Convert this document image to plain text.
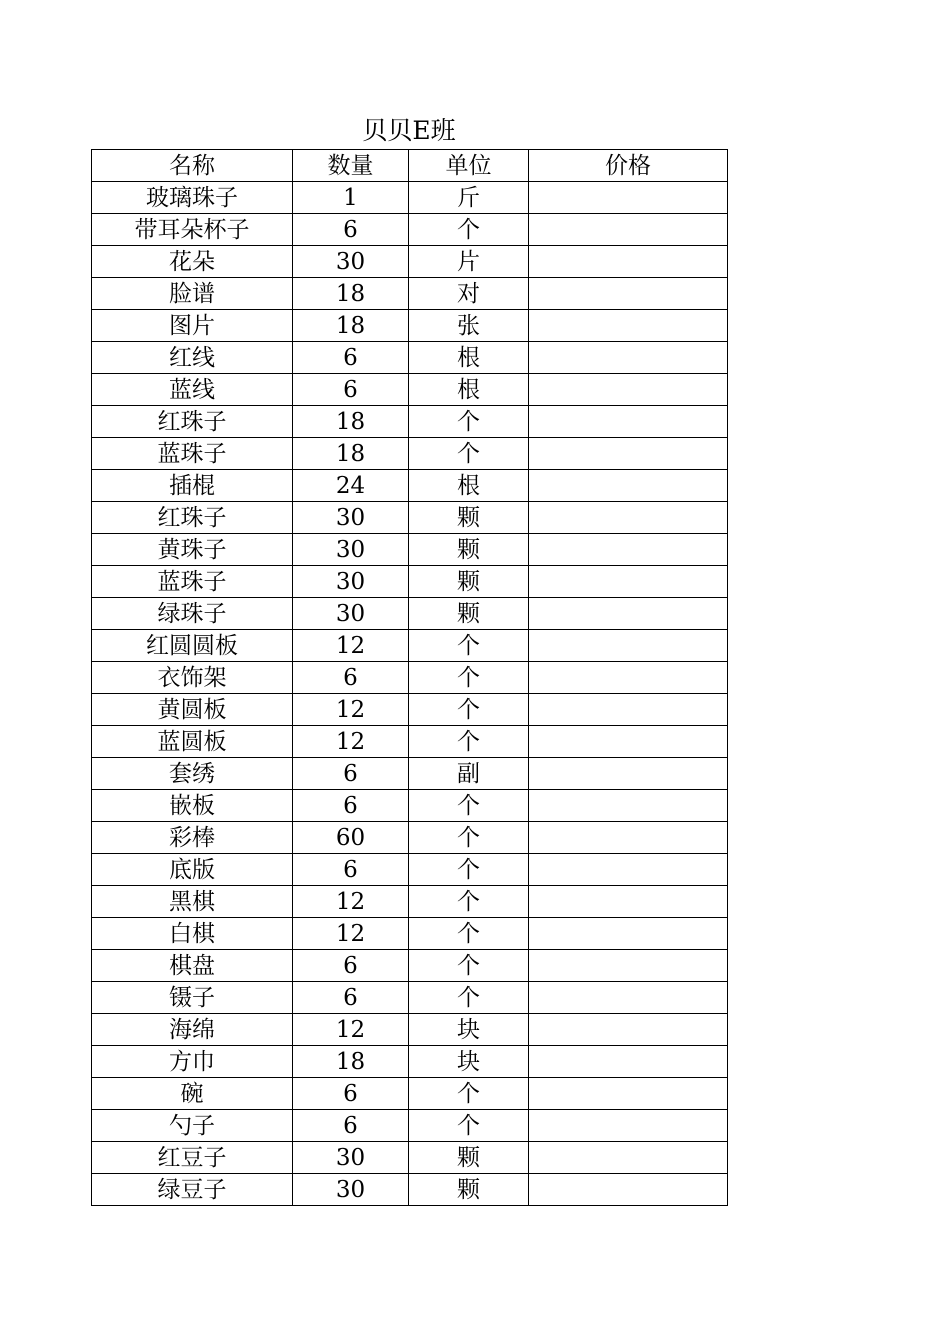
贝贝E班
名称	数量	单位	价格
玻璃珠子	1	斤	
带耳朵杯子	6	个	
花朵	30	片	
脸谱	18	对	
图片	18	张	
红线	6	根	
蓝线	6	根	
红珠子	18	个	
蓝珠子	18	个	
插棍	24	根	
红珠子	30	颗	
黄珠子	30	颗	
蓝珠子	30	颗	
绿珠子	30	颗	
红圆圆板	12	个	
衣饰架	6	个	
黄圆板	12	个	
蓝圆板	12	个	
套绣	6	副	
嵌板	6	个	
彩棒	60	个	
底版	6	个	
黑棋	12	个	
白棋	12	个	
棋盘	6	个	
镊子	6	个	
海绵	12	块	
方巾	18	块	
碗	6	个	
勺子	6	个	
红豆子	30	颗	
绿豆子	30	颗	
